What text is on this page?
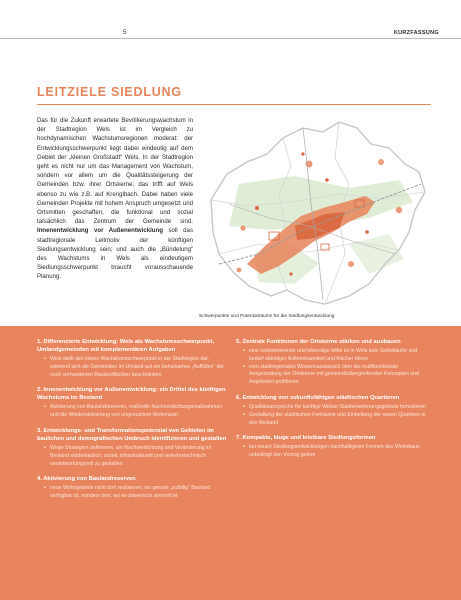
5	KURZFASSUNG
LEITZIELE SIEDLUNG

Das für die Zukunft erwartete Bevölkerungswachstum in der Stadtregion Wels ist im Vergleich zu hochdynamischen Wachstumsregionen moderat: der Entwicklungsschwerpunkt liegt dabei eindeutig auf dem Gebiet der „kleinen Großstadt“ Wels. In der Stadtregion geht es nicht nur um das Management von Wachstum, sondern vor allem um die Qualitätssteigerung der Gemeinden bzw. ihrer Ortskerne; das trifft auf Wels ebenso zu wie z.B. auf Krenglbach. Dabei haben viele Gemeinden Projekte mit hohem Anspruch umgesetzt und Ortsmitten geschaffen, die funktional und sozial tatsächlich das Zentrum der Gemeinde sind. Innenentwicklung vor Außenentwicklung soll das stadtregionale Leitmotiv der künftigen Siedlungsentwicklung sein; und auch die „Bündelung“ des Wachstums in Wels als eindeutigem Siedlungsschwerpunkt braucht vorausschauende Planung.

Schwerpunkte und Potentialräume für die Siedlungsentwicklung
1. Differenzierte Entwicklung: Wels als Wachstumsschwerpunkt, Umlandgemeinden mit komplementären Aufgaben
• Wels stellt den klaren Wachstumsschwerpunkt in der Stadtregion dar, während sich die Gemeinden im Umland auf ein behutsames „Auffüllen“ der noch vorhandenen Baulandflächen beschränken
2. Innenentwicklung vor Außenentwicklung: ein Drittel des künftigen Wachstums im Bestand
• Aktivierung von Baulandreserven, maßvolle Nachverdichtungsmaßnahmen und die Wiederaktivierung von ungenutztem Wohnraum
3. Entwicklungs- und Transformationspotenzial von Gebieten im baulichen und demografischen Umbruch identifizieren und gestalten
• Wege Strategien definieren, um Nachverdichtung und Veränderung im Bestand städtebaulich, sozial, infrastrukturell und verkehrstechnisch verantwortungsvoll zu gestalten
4. Aktivierung von Baulandreserven
• neue Wohngebiete nicht dort realisieren, wo gerade „zufällig“ Bauland verfügbar ist, sondern dort, wo es planerisch sinnvoll ist
5. Zentrale Funktionen der Ortskerne stärken und ausbauen
• eine funktionierende und lebendige Mitte ist in Wels kein Selbstläufer und bedarf ständiger Aufmerksamkeit und frischer Ideen
• vom stadtregionalen Wissensaustausch über die multifunktionale Ausgestaltung der Ortskerne mit gemeindeübergreifenden Konzepten und Angeboten profitieren
6. Entwicklung von zukunftsfähigen städtischen Quartieren
• Qualitätsansprüche für künftige Welser Stadterweiterungsgebiete formulieren
• Gestaltung der städtischen Freiräume und Einbettung der neuen Quartiere in den Bestand
7. Kompakte, kluge und leistbare Siedlungsformen
• bei neuen Siedlungsentwicklungen nachhaltigeren Formen des Wohnbaus unbedingt den Vorzug geben
